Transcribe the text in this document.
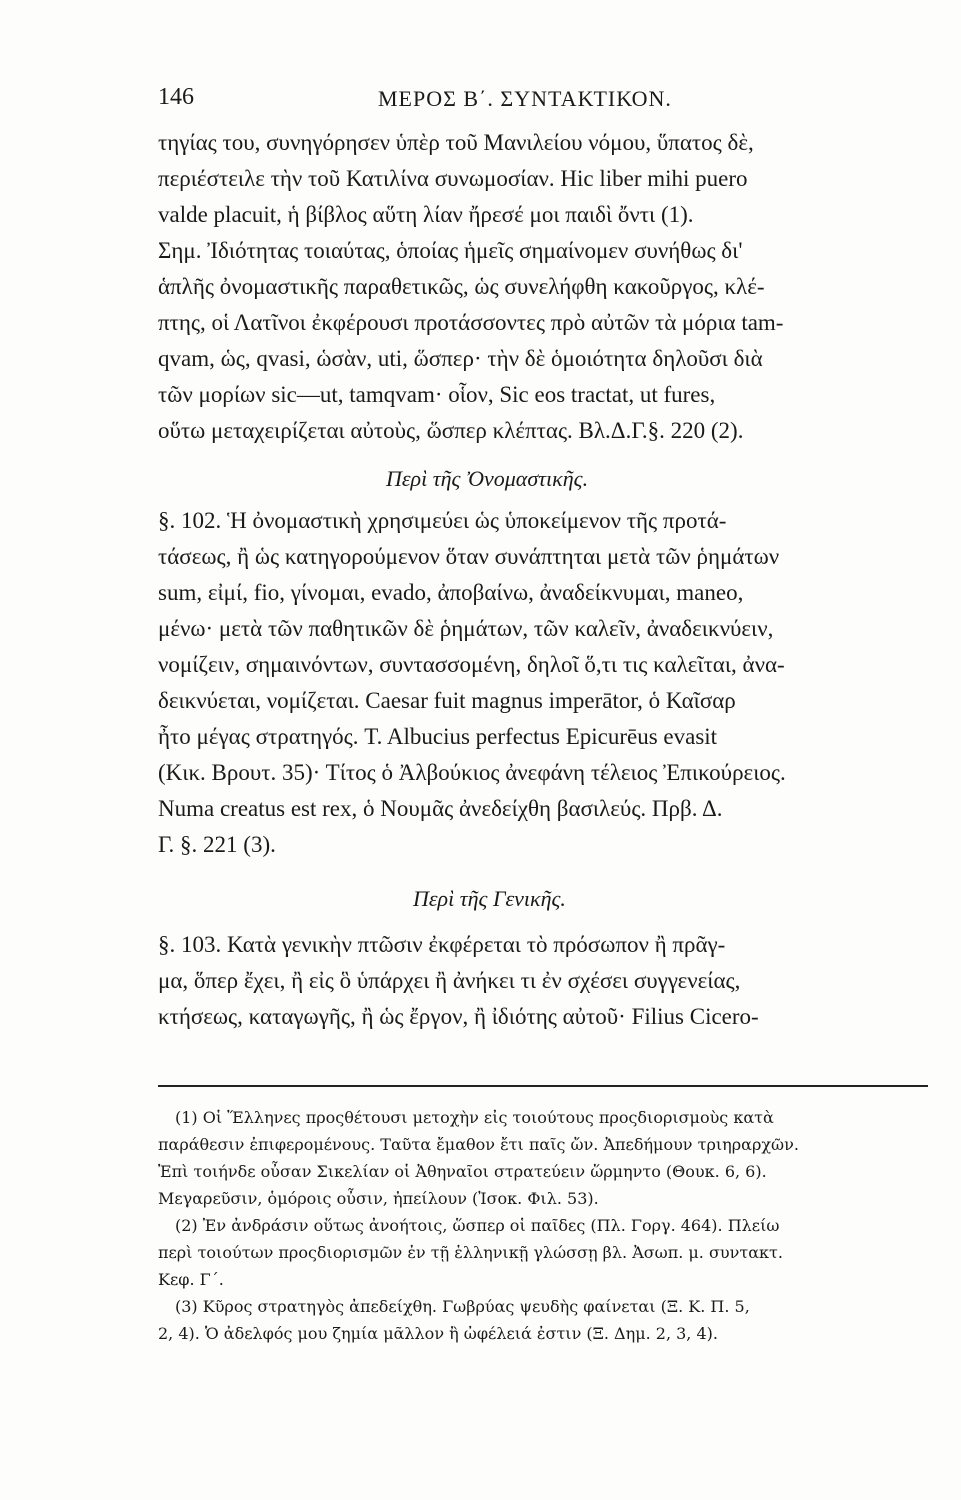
146	ΜΕΡΟΣ Β΄. ΣΥΝΤΑΚΤΙΚΟΝ.
τηγίας του, συνηγόρησεν ὑπὲρ τοῦ Μανιλείου νόμου, ὕπατος δὲ,
περιέστειλε τὴν τοῦ Κατιλίνα συνωμοσίαν. Hic liber mihi puero
valde placuit, ἡ βίβλος αὕτη λίαν ἤρεσέ μοι παιδὶ ὄντι (1).
Σημ. Ἰδιότητας τοιαύτας, ὁποίας ἡμεῖς σημαίνομεν συνήθως δι'
ἁπλῆς ὀνομαστικῆς παραθετικῶς, ὡς συνελήφθη κακοῦργος, κλέ-
πτης, οἱ Λατῖνοι ἐκφέρουσι προτάσσοντες πρὸ αὐτῶν τὰ μόρια tam-
qvam, ὡς, qvasi, ὡσὰν, uti, ὥσπερ· τὴν δὲ ὁμοιότητα δηλοῦσι διὰ
τῶν μορίων sic—ut, tamqvam· οἷον, Sic eos tractat, ut fures,
οὕτω μεταχειρίζεται αὐτοὺς, ὥσπερ κλέπτας. Βλ.Δ.Γ.§. 220 (2).
Περὶ τῆς Ὀνομαστικῆς.
§. 102. Ἡ ὀνομαστικὴ χρησιμεύει ὡς ὑποκείμενον τῆς προτά-
τάσεως, ἢ ὡς κατηγορούμενον ὅταν συνάπτηται μετὰ τῶν ῥημάτων
sum, εἰμί, fio, γίνομαι, evado, ἀποβαίνω, ἀναδείκνυμαι, maneo,
μένω· μετὰ τῶν παθητικῶν δὲ ῥημάτων, τῶν καλεῖν, ἀναδεικνύειν,
νομίζειν, σημαινόντων, συντασσομένη, δηλοῖ ὅ,τι τις καλεῖται, ἀνα-
δεικνύεται, νομίζεται. Caesar fuit magnus imperātor, ὁ Καῖσαρ
ἦτο μέγας στρατηγός. T. Albucius perfectus Epicurēus evasit
(Κικ. Βρουτ. 35)· Τίτος ὁ Ἀλβούκιος ἀνεφάνη τέλειος Ἐπικούρειος.
Numa creatus est rex, ὁ Νουμᾶς ἀνεδείχθη βασιλεύς. Πρβ. Δ.
Γ. §. 221 (3).
Περὶ τῆς Γενικῆς.
§. 103. Κατὰ γενικὴν πτῶσιν ἐκφέρεται τὸ πρόσωπον ἢ πρᾶγ-
μα, ὅπερ ἔχει, ἢ εἰς ὃ ὑπάρχει ἢ ἀνήκει τι ἐν σχέσει συγγενείας,
κτήσεως, καταγωγῆς, ἢ ὡς ἔργον, ἢ ἰδιότης αὐτοῦ· Filius Cicero-
(1) Οἱ Ἕλληνες προςθέτουσι μετοχὴν εἰς τοιούτους προςδιορισμοὺς κατὰ
παράθεσιν ἐπιφερομένους. Ταῦτα ἔμαθον ἔτι παῖς ὤν. Ἀπεδήμουν τριηραρχῶν.
Ἐπὶ τοιήνδε οὖσαν Σικελίαν οἱ Ἀθηναῖοι στρατεύειν ὥρμηντο (Θουκ. 6, 6).
Μεγαρεῦσιν, ὁμόροις οὖσιν, ἠπείλουν (Ἰσοκ. Φιλ. 53).
(2) Ἐν ἀνδράσιν οὕτως ἀνοήτοις, ὥσπερ οἱ παῖδες (Πλ. Γοργ. 464). Πλείω
περὶ τοιούτων προςδιορισμῶν ἐν τῇ ἑλληνικῇ γλώσσῃ βλ. Ἀσωπ. μ. συντακτ.
Κεφ. Γ΄.
(3) Κῦρος στρατηγὸς ἀπεδείχθη. Γωβρύας ψευδὴς φαίνεται (Ξ. Κ. Π. 5,
2, 4). Ὁ ἀδελφός μου ζημία μᾶλλον ἢ ὠφέλειά ἐστιν (Ξ. Δημ. 2, 3, 4).
